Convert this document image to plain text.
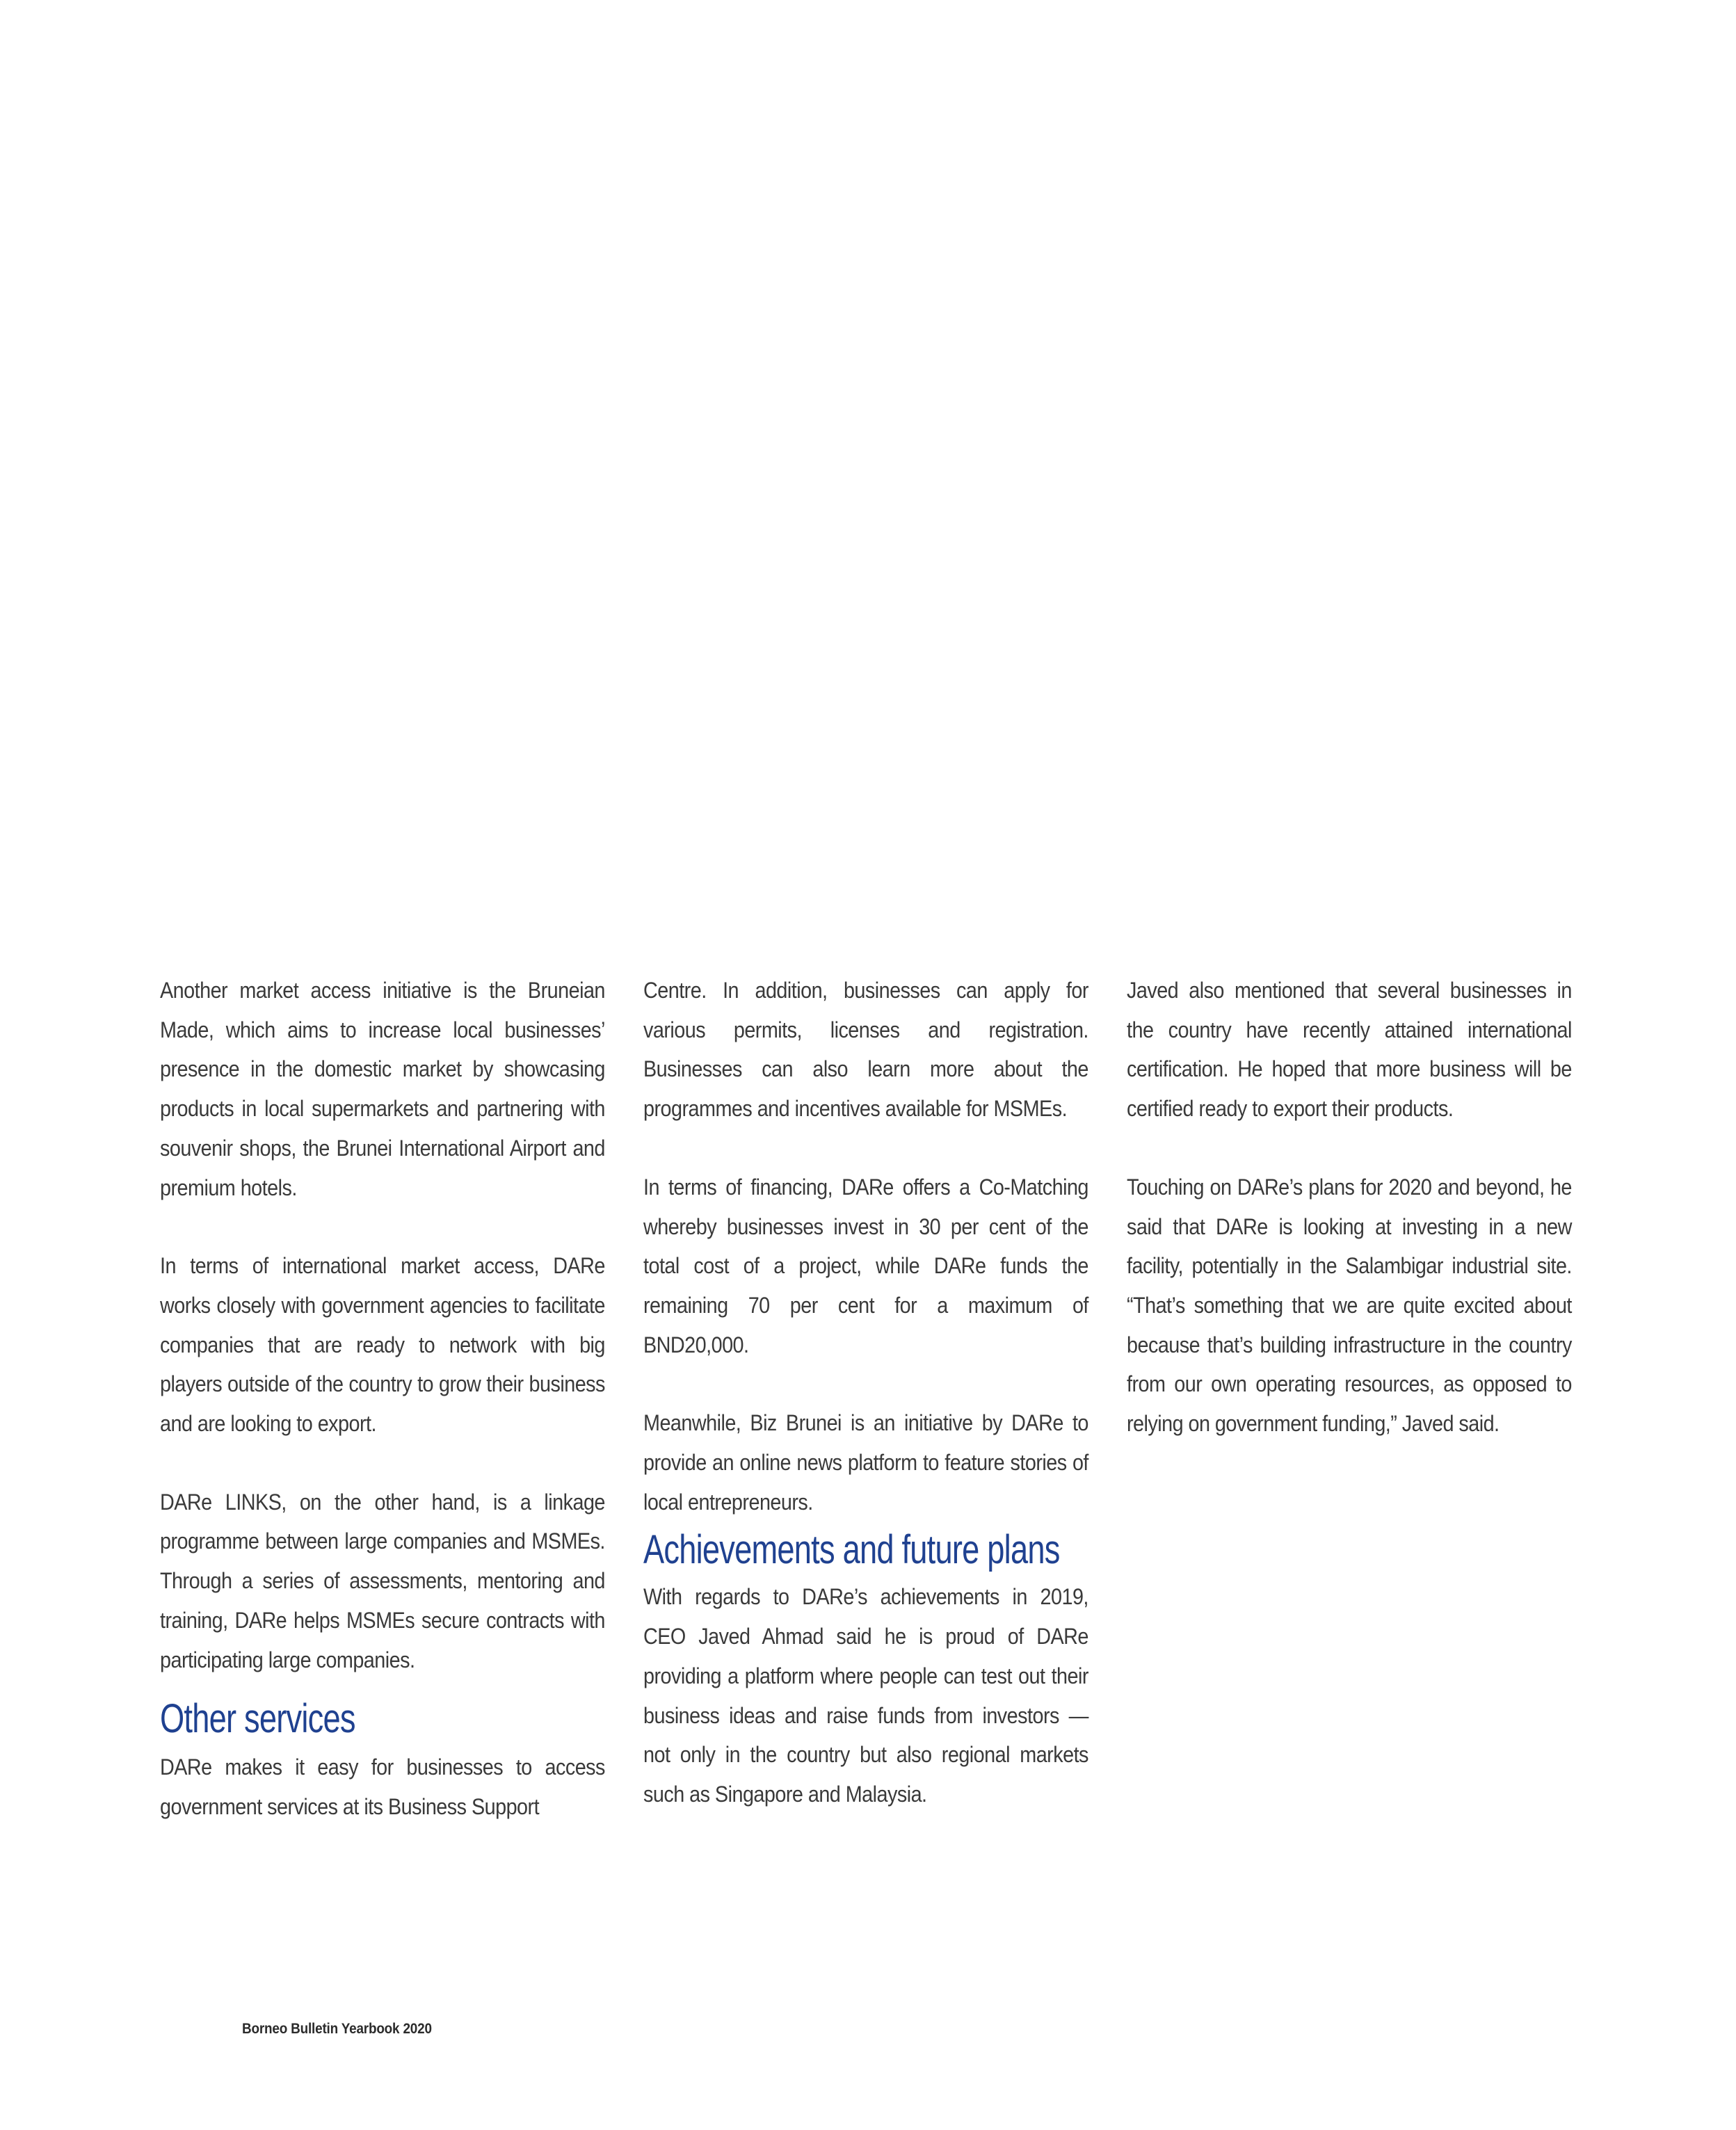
Another market access initiative is the Bruneian Made, which aims to increase local businesses’ presence in the domestic market by showcasing products in local supermarkets and partnering with souvenir shops, the Brunei International Airport and premium hotels.

In terms of international market access, DARe works closely with government agencies to facilitate companies that are ready to network with big players outside of the country to grow their business and are looking to export.

DARe LINKS, on the other hand, is a linkage programme between large companies and MSMEs. Through a series of assessments, mentoring and training, DARe helps MSMEs secure contracts with participating large companies.

Other services

DARe makes it easy for businesses to access government services at its Business Support

Centre. In addition, businesses can apply for various permits, licenses and registration. Businesses can also learn more about the programmes and incentives available for MSMEs.

In terms of financing, DARe offers a Co-Matching whereby businesses invest in 30 per cent of the total cost of a project, while DARe funds the remaining 70 per cent for a maximum of BND20,000.

Meanwhile, Biz Brunei is an initiative by DARe to provide an online news platform to feature stories of local entrepreneurs.

Achievements and future plans

With regards to DARe’s achievements in 2019, CEO Javed Ahmad said he is proud of DARe providing a platform where people can test out their business ideas and raise funds from investors — not only in the country but also regional markets such as Singapore and Malaysia.

Javed also mentioned that several businesses in the country have recently attained international certification. He hoped that more business will be certified ready to export their products.

Touching on DARe’s plans for 2020 and beyond, he said that DARe is looking at investing in a new facility, potentially in the Salambigar industrial site. “That’s something that we are quite excited about because that’s building infrastructure in the country from our own operating resources, as opposed to relying on government funding,” Javed said.

Borneo Bulletin Yearbook 2020
